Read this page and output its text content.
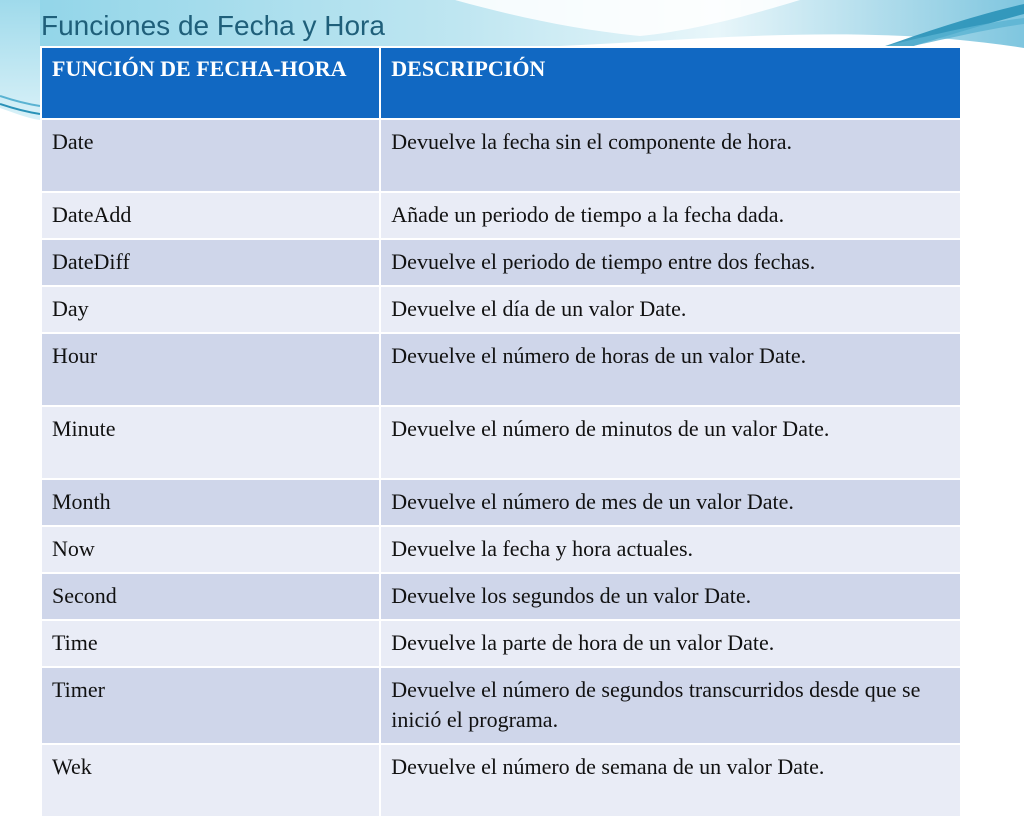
Funciones de Fecha y Hora
FUNCIÓN DE FECHA-HORA	DESCRIPCIÓN
Date	Devuelve la fecha sin el componente de hora.
DateAdd	Añade un periodo de tiempo a la fecha dada.
DateDiff	Devuelve el periodo de tiempo entre dos fechas.
Day	Devuelve el día de un valor Date.
Hour	Devuelve el número de horas de un valor Date.
Minute	Devuelve el número de minutos de un valor Date.
Month	Devuelve el número de mes de un valor Date.
Now	Devuelve la fecha y hora actuales.
Second	Devuelve los segundos de un valor Date.
Time	Devuelve la parte de hora de un valor Date.
Timer	Devuelve el número de segundos transcurridos desde que se inició el programa.
Wek	Devuelve el número de semana de un valor Date.
